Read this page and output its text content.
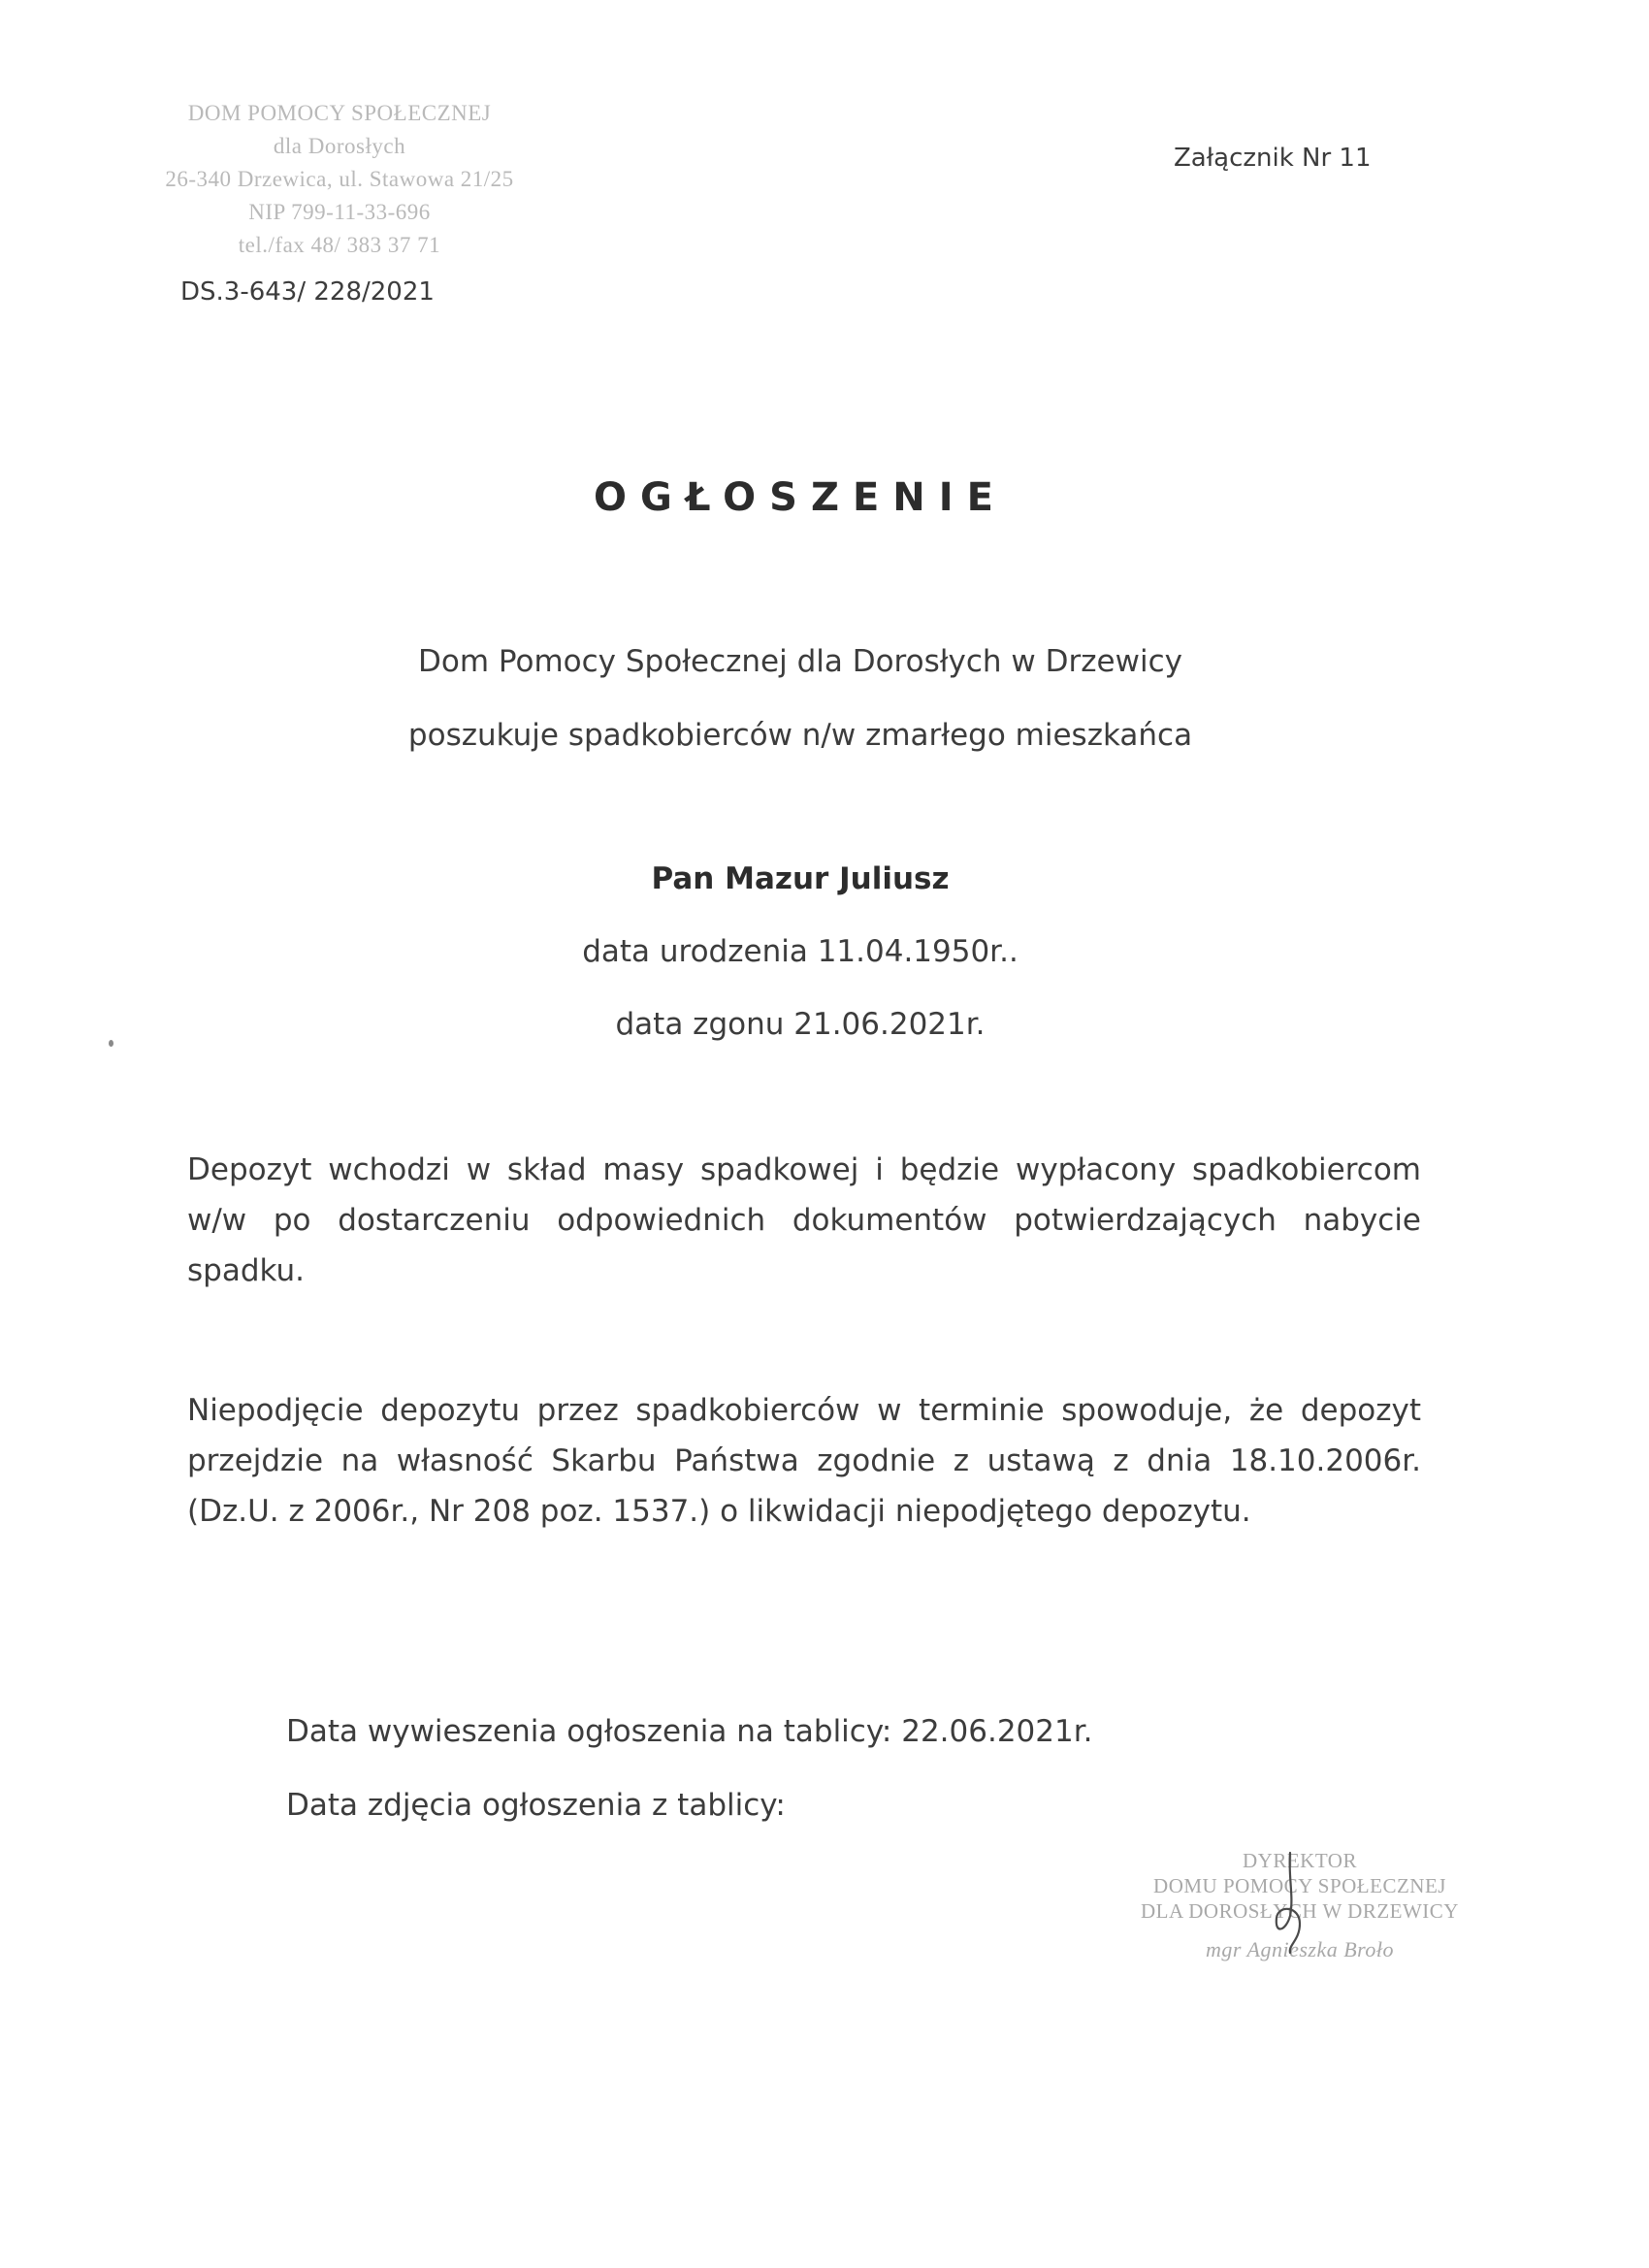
DOM POMOCY SPOŁECZNEJ
dla Dorosłych
26-340 Drzewica, ul. Stawowa 21/25
NIP 799-11-33-696
tel./fax 48/ 383 37 71
DS.3-643/ 228/2021
Załącznik Nr 11
OGŁOSZENIE
Dom Pomocy Społecznej dla Dorosłych w Drzewicy
poszukuje spadkobierców n/w zmarłego mieszkańca
Pan Mazur Juliusz
data urodzenia 11.04.1950r..
data zgonu 21.06.2021r.
Depozyt wchodzi w skład masy spadkowej i będzie wypłacony spadkobiercom w/w po dostarczeniu odpowiednich dokumentów potwierdzających nabycie spadku.
Niepodjęcie depozytu przez spadkobierców w terminie spowoduje, że depozyt przejdzie na własność Skarbu Państwa zgodnie z ustawą z dnia 18.10.2006r. (Dz.U. z 2006r., Nr 208 poz. 1537.) o likwidacji niepodjętego depozytu.
Data wywieszenia ogłoszenia na tablicy: 22.06.2021r.
Data zdjęcia ogłoszenia z tablicy:
DYREKTOR
DOMU POMOCY SPOŁECZNEJ
DLA DOROSŁYCH W DRZEWICY
mgr Agnieszka Broło
